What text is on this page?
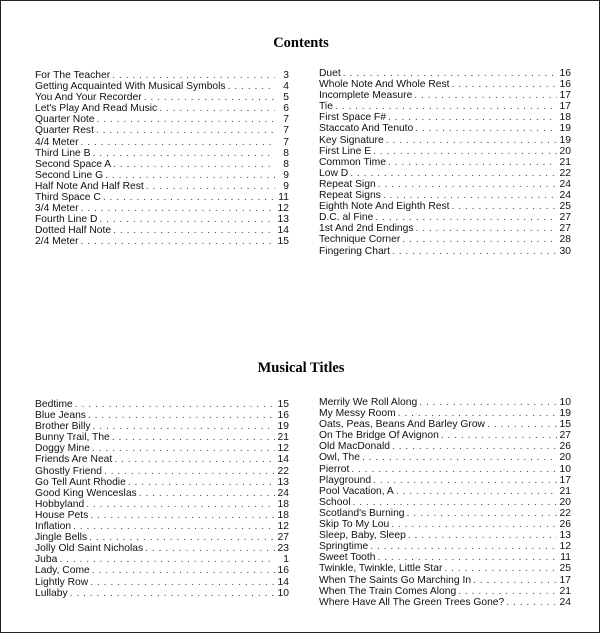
Contents
For The Teacher . . .	3
Getting Acquainted With Musical Symbols . . .	4
You And Your Recorder . . .	5
Let's Play And Read Music . . .	6
Quarter Note . . .	7
Quarter Rest . . .	7
4/4 Meter . . .	7
Third Line B . . .	8
Second Space A . . .	8
Second Line G . . .	9
Half Note And Half Rest . . .	9
Third Space C . . .	11
3/4 Meter . . .	12
Fourth Line D . . .	13
Dotted Half Note . . .	14
2/4 Meter . . .	15
Duet . . .	16
Whole Note And Whole Rest . . .	16
Incomplete Measure . . .	17
Tie . . .	17
First Space F# . . .	18
Staccato And Tenuto . . .	19
Key Signature . . .	19
First Line E . . .	20
Common Time . . .	21
Low D . . .	22
Repeat Sign . . .	24
Repeat Signs . . .	24
Eighth Note And Eighth Rest . . .	25
D.C. al Fine . . .	27
1st And 2nd Endings . . .	27
Technique Corner . . .	28
Fingering Chart . . .	30
Musical Titles
Bedtime . . .	15
Blue Jeans . . .	16
Brother Billy . . .	19
Bunny Trail, The . . .	21
Doggy Mine . . .	12
Friends Are Neat . . .	14
Ghostly Friend . . .	22
Go Tell Aunt Rhodie . . .	13
Good King Wenceslas . . .	24
Hobbyland . . .	18
House Pets . . .	18
Inflation . . .	12
Jingle Bells . . .	27
Jolly Old Saint Nicholas . . .	23
Juba . . .	1
Lady, Come . . .	16
Lightly Row . . .	14
Lullaby . . .	10
Merrily We Roll Along . . .	10
My Messy Room . . .	19
Oats, Peas, Beans And Barley Grow . . .	15
On The Bridge Of Avignon . . .	27
Old MacDonald . . .	26
Owl, The . . .	20
Pierrot . . .	10
Playground . . .	17
Pool Vacation, A . . .	21
School . . .	20
Scotland's Burning . . .	22
Skip To My Lou . . .	26
Sleep, Baby, Sleep . . .	13
Springtime . . .	12
Sweet Tooth . . .	11
Twinkle, Twinkle, Little Star . . .	25
When The Saints Go Marching In . . .	17
When The Train Comes Along . . .	21
Where Have All The Green Trees Gone? . . .	24
